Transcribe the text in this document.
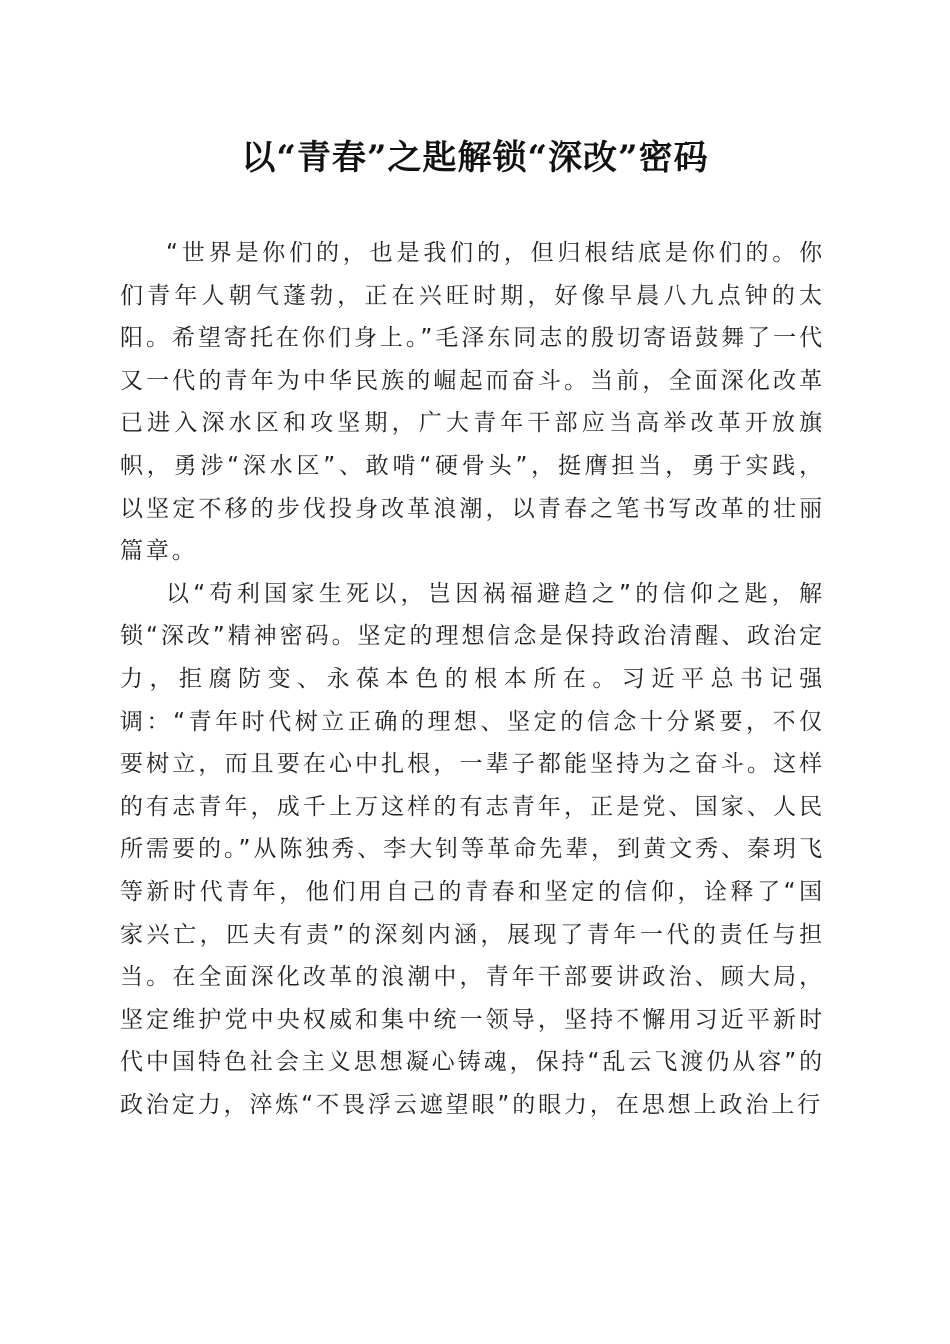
以“青春”之匙解锁“深改”密码

“世界是你们的，也是我们的，但归根结底是你们的。你们青年人朝气蓬勃，正在兴旺时期，好像早晨八九点钟的太阳。希望寄托在你们身上。”毛泽东同志的殷切寄语鼓舞了一代又一代的青年为中华民族的崛起而奋斗。当前，全面深化改革已进入深水区和攻坚期，广大青年干部应当高举改革开放旗帜，勇涉“深水区”、敢啃“硬骨头”，挺膺担当，勇于实践，以坚定不移的步伐投身改革浪潮，以青春之笔书写改革的壮丽篇章。

以“苟利国家生死以，岂因祸福避趋之”的信仰之匙，解锁“深改”精神密码。坚定的理想信念是保持政治清醒、政治定力，拒腐防变、永葆本色的根本所在。习近平总书记强调：“青年时代树立正确的理想、坚定的信念十分紧要，不仅要树立，而且要在心中扎根，一辈子都能坚持为之奋斗。这样的有志青年，成千上万这样的有志青年，正是党、国家、人民所需要的。”从陈独秀、李大钊等革命先辈，到黄文秀、秦玥飞等新时代青年，他们用自己的青春和坚定的信仰，诠释了“国家兴亡，匹夫有责”的深刻内涵，展现了青年一代的责任与担当。在全面深化改革的浪潮中，青年干部要讲政治、顾大局，坚定维护党中央权威和集中统一领导，坚持不懈用习近平新时代中国特色社会主义思想凝心铸魂，保持“乱云飞渡仍从容”的政治定力，淬炼“不畏浮云遮望眼”的眼力，在思想上政治上行
